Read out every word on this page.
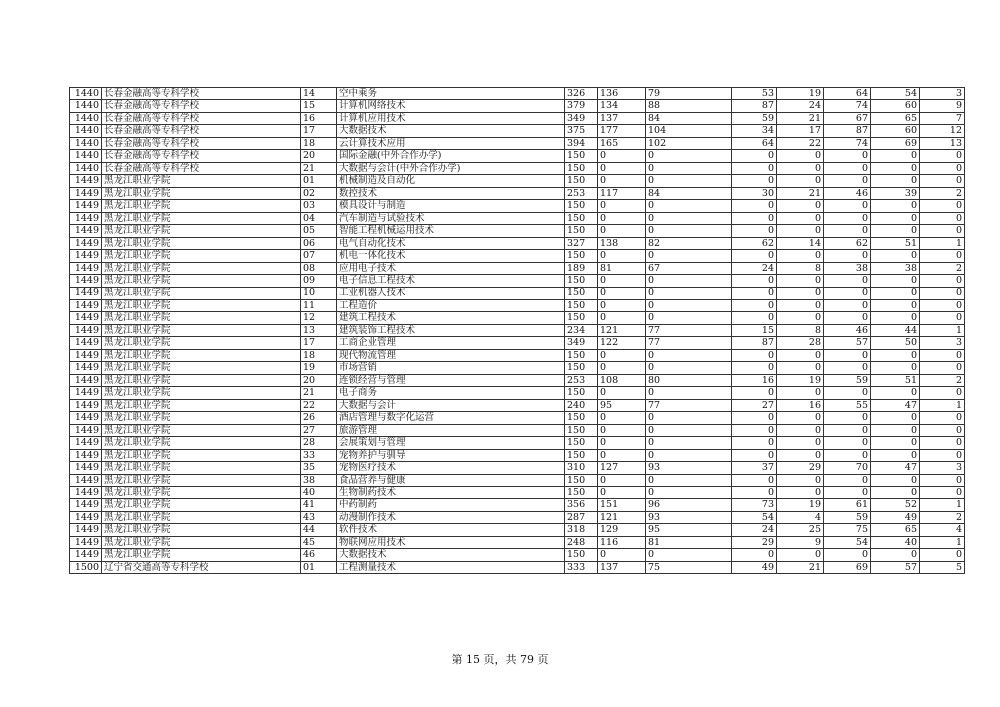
1440	长春金融高等专科学校	14	空中乘务	326	136	79	53	19	64	54	3
1440	长春金融高等专科学校	15	计算机网络技术	379	134	88	87	24	74	60	9
1440	长春金融高等专科学校	16	计算机应用技术	349	137	84	59	21	67	65	7
1440	长春金融高等专科学校	17	大数据技术	375	177	104	34	17	87	60	12
1440	长春金融高等专科学校	18	云计算技术应用	394	165	102	64	22	74	69	13
1440	长春金融高等专科学校	20	国际金融(中外合作办学)	150	0	0	0	0	0	0	0
1440	长春金融高等专科学校	21	大数据与会计(中外合作办学)	150	0	0	0	0	0	0	0
1449	黑龙江职业学院	01	机械制造及自动化	150	0	0	0	0	0	0	0
1449	黑龙江职业学院	02	数控技术	253	117	84	30	21	46	39	2
1449	黑龙江职业学院	03	模具设计与制造	150	0	0	0	0	0	0	0
1449	黑龙江职业学院	04	汽车制造与试验技术	150	0	0	0	0	0	0	0
1449	黑龙江职业学院	05	智能工程机械运用技术	150	0	0	0	0	0	0	0
1449	黑龙江职业学院	06	电气自动化技术	327	138	82	62	14	62	51	1
1449	黑龙江职业学院	07	机电一体化技术	150	0	0	0	0	0	0	0
1449	黑龙江职业学院	08	应用电子技术	189	81	67	24	8	38	38	2
1449	黑龙江职业学院	09	电子信息工程技术	150	0	0	0	0	0	0	0
1449	黑龙江职业学院	10	工业机器人技术	150	0	0	0	0	0	0	0
1449	黑龙江职业学院	11	工程造价	150	0	0	0	0	0	0	0
1449	黑龙江职业学院	12	建筑工程技术	150	0	0	0	0	0	0	0
1449	黑龙江职业学院	13	建筑装饰工程技术	234	121	77	15	8	46	44	1
1449	黑龙江职业学院	17	工商企业管理	349	122	77	87	28	57	50	3
1449	黑龙江职业学院	18	现代物流管理	150	0	0	0	0	0	0	0
1449	黑龙江职业学院	19	市场营销	150	0	0	0	0	0	0	0
1449	黑龙江职业学院	20	连锁经营与管理	253	108	80	16	19	59	51	2
1449	黑龙江职业学院	21	电子商务	150	0	0	0	0	0	0	0
1449	黑龙江职业学院	22	大数据与会计	240	95	77	27	16	55	47	1
1449	黑龙江职业学院	26	酒店管理与数字化运营	150	0	0	0	0	0	0	0
1449	黑龙江职业学院	27	旅游管理	150	0	0	0	0	0	0	0
1449	黑龙江职业学院	28	会展策划与管理	150	0	0	0	0	0	0	0
1449	黑龙江职业学院	33	宠物养护与驯导	150	0	0	0	0	0	0	0
1449	黑龙江职业学院	35	宠物医疗技术	310	127	93	37	29	70	47	3
1449	黑龙江职业学院	38	食品营养与健康	150	0	0	0	0	0	0	0
1449	黑龙江职业学院	40	生物制药技术	150	0	0	0	0	0	0	0
1449	黑龙江职业学院	41	中药制药	356	151	96	73	19	61	52	1
1449	黑龙江职业学院	43	动漫制作技术	287	121	93	54	4	59	49	2
1449	黑龙江职业学院	44	软件技术	318	129	95	24	25	75	65	4
1449	黑龙江职业学院	45	物联网应用技术	248	116	81	29	9	54	40	1
1449	黑龙江职业学院	46	大数据技术	150	0	0	0	0	0	0	0
1500	辽宁省交通高等专科学校	01	工程测量技术	333	137	75	49	21	69	57	5
第 15 页，共 79 页
